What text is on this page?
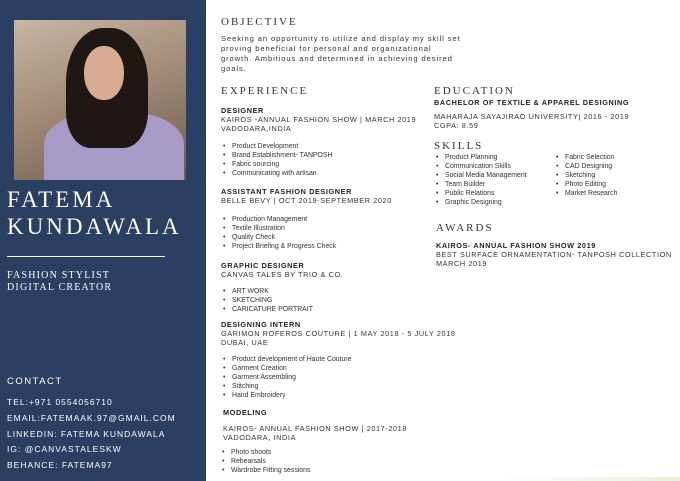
FATEMA
KUNDAWALA
FASHION STYLIST
DIGITAL CREATOR
CONTACT
TEL:+971 0554056710
EMAIL:FATEMAAK.97@GMAIL.COM
LINKEDIN: FATEMA KUNDAWALA
IG: @CANVASTALESKW
BEHANCE: FATEMA97
OBJECTIVE
Seeking an opportunity to utilize and display my skill set
proving beneficial for personal and organizational
growth. Ambitious and determined in achieving desired
goals.
EXPERIENCE
DESIGNER
KAIROS -ANNUAL FASHION SHOW | MARCH 2019
VADODARA,INDIA
• Product Development
• Brand Establishment- TANPOSH
• Fabric sourcing
• Communicating with artisan
ASSISTANT FASHION DESIGNER
BELLE BEVY | OCT 2019-SEPTEMBER 2020
• Production Management
• Textile Illustration
• Quality Check
• Project Briefing & Progress Check
GRAPHIC DESIGNER
CANVAS TALES BY TRIO & CO.
• ART WORK
• SKETCHING
• CARICATURE PORTRAIT
DESIGNING INTERN
GARIMON ROFEROS COUTURE | 1 MAY 2018 - 5 JULY 2018
DUBAI, UAE
• Product development of Haute Couture
• Garment Creation
• Garment Assembling
• Stitching
• Hand Embroidery
MODELING
KAIROS- ANNUAL FASHION SHOW | 2017-2018
VADODARA, INDIA
• Photo shoots
• Rehearsals
• Wardrobe Fitting sessions
EDUCATION
BACHELOR OF TEXTILE & APPAREL DESIGNING
MAHARAJA SAYAJIRAO UNIVERSITY| 2016 - 2019
CGPA: 8.59
SKILLS
• Product Planning
• Communication Skills
• Social Media Management
• Team Builder
• Public Relations
• Graphic Designing
• Fabric Selection
• CAD Designing
• Sketching
• Photo Editing
• Market Research
AWARDS
KAIROS- ANNUAL FASHION SHOW 2019
BEST SURFACE ORNAMENTATION- TANPOSH COLLECTION
MARCH 2019
